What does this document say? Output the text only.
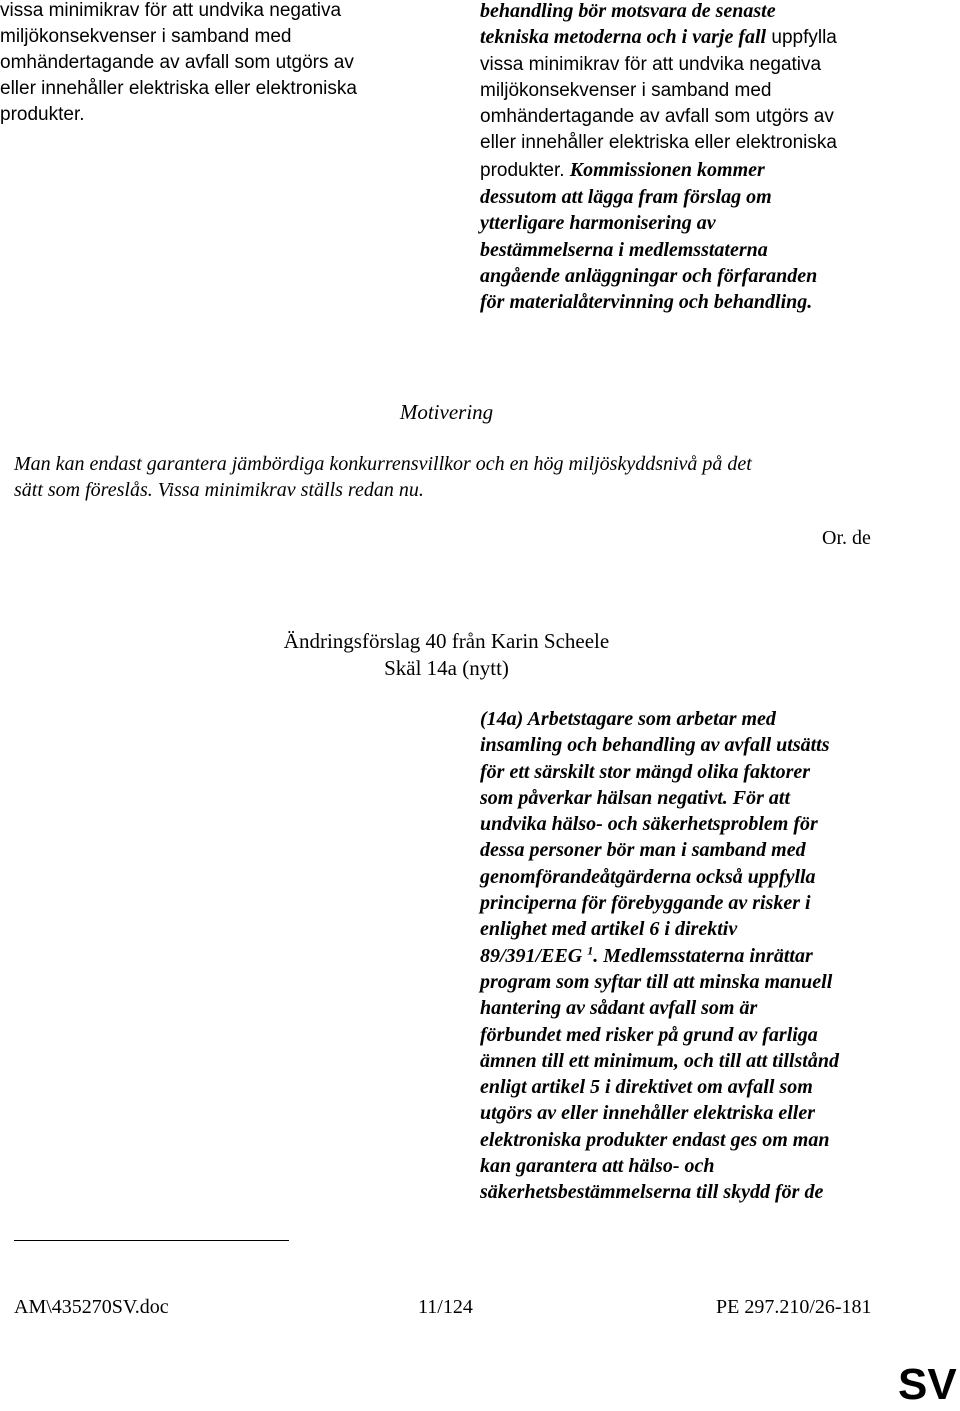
vissa minimikrav för att undvika negativa
miljökonsekvenser i samband med
omhändertagande av avfall som utgörs av
eller innehåller elektriska eller elektroniska
produkter.
behandling bör motsvara de senaste
tekniska metoderna och i varje fall uppfylla
vissa minimikrav för att undvika negativa
miljökonsekvenser i samband med
omhändertagande av avfall som utgörs av
eller innehåller elektriska eller elektroniska
produkter. Kommissionen kommer
dessutom att lägga fram förslag om
ytterligare harmonisering av
bestämmelserna i medlemsstaterna
angående anläggningar och förfaranden
för materialåtervinning och behandling.
Motivering
Man kan endast garantera jämbördiga konkurrensvillkor och en hög miljöskyddsnivå på det
sätt som föreslås. Vissa minimikrav ställs redan nu.
Or. de
Ändringsförslag 40 från Karin Scheele
Skäl 14a (nytt)
(14a) Arbetstagare som arbetar med
insamling och behandling av avfall utsätts
för ett särskilt stor mängd olika faktorer
som påverkar hälsan negativt. För att
undvika hälso- och säkerhetsproblem för
dessa personer bör man i samband med
genomförandeåtgärderna också uppfylla
principerna för förebyggande av risker i
enlighet med artikel 6 i direktiv
89/391/EEG $^1$. Medlemsstaterna inrättar
program som syftar till att minska manuell
hantering av sådant avfall som är
förbundet med risker på grund av farliga
ämnen till ett minimum, och till att tillstånd
enligt artikel 5 i direktivet om avfall som
utgörs av eller innehåller elektriska eller
elektroniska produkter endast ges om man
kan garantera att hälso- och
säkerhetsbestämmelserna till skydd för de
AM\435270SV.doc	11/124	PE 297.210/26-181
SV
